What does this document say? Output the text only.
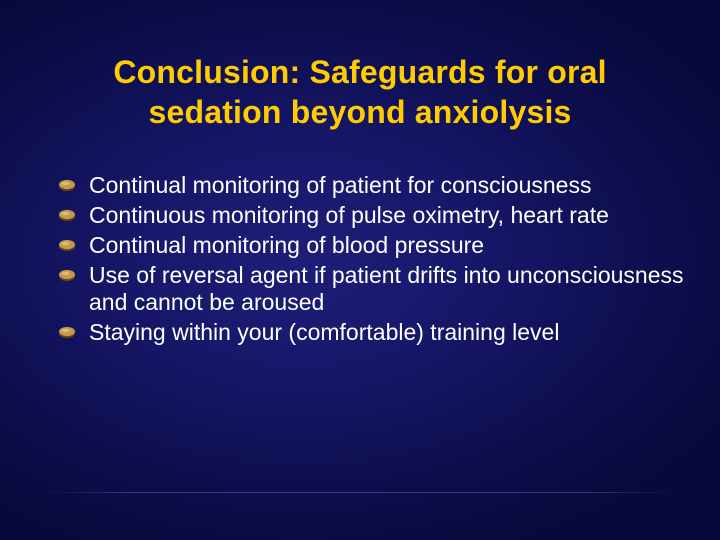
Conclusion: Safeguards for oral
sedation beyond anxiolysis
Continual monitoring of patient for consciousness
Continuous monitoring of pulse oximetry, heart rate
Continual monitoring of blood pressure
Use of reversal agent if patient drifts into unconsciousness and cannot be aroused
Staying within your (comfortable) training level
